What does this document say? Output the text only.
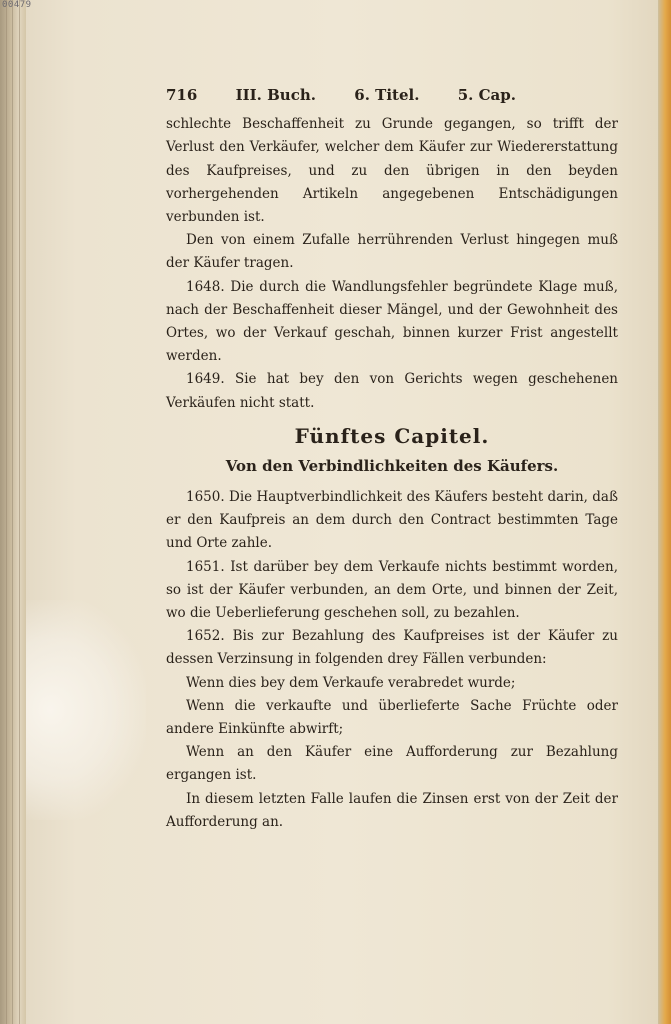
00479
716	III. Buch.	6. Titel.	5. Cap.

schlechte Beschaffenheit zu Grunde gegangen, so trifft der Verlust den Verkäufer, welcher dem Käufer zur Wiedererstattung des Kaufpreises, und zu den übrigen in den beyden vorhergehenden Artikeln angegebenen Entschädigungen verbunden ist.

Den von einem Zufalle herrührenden Verlust hingegen muß der Käufer tragen.

1648. Die durch die Wandlungsfehler begründete Klage muß, nach der Beschaffenheit dieser Mängel, und der Gewohnheit des Ortes, wo der Verkauf geschah, binnen kurzer Frist angestellt werden.

1649. Sie hat bey den von Gerichts wegen geschehenen Verkäufen nicht statt.

Fünftes Capitel.
Von den Verbindlichkeiten des Käufers.

1650. Die Hauptverbindlichkeit des Käufers besteht darin, daß er den Kaufpreis an dem durch den Contract bestimmten Tage und Orte zahle.

1651. Ist darüber bey dem Verkaufe nichts bestimmt worden, so ist der Käufer verbunden, an dem Orte, und binnen der Zeit, wo die Ueberlieferung geschehen soll, zu bezahlen.

1652. Bis zur Bezahlung des Kaufpreises ist der Käufer zu dessen Verzinsung in folgenden drey Fällen verbunden:

Wenn dies bey dem Verkaufe verabredet wurde;

Wenn die verkaufte und überlieferte Sache Früchte oder andere Einkünfte abwirft;

Wenn an den Käufer eine Aufforderung zur Bezahlung ergangen ist.

In diesem letzten Falle laufen die Zinsen erst von der Zeit der Aufforderung an.
